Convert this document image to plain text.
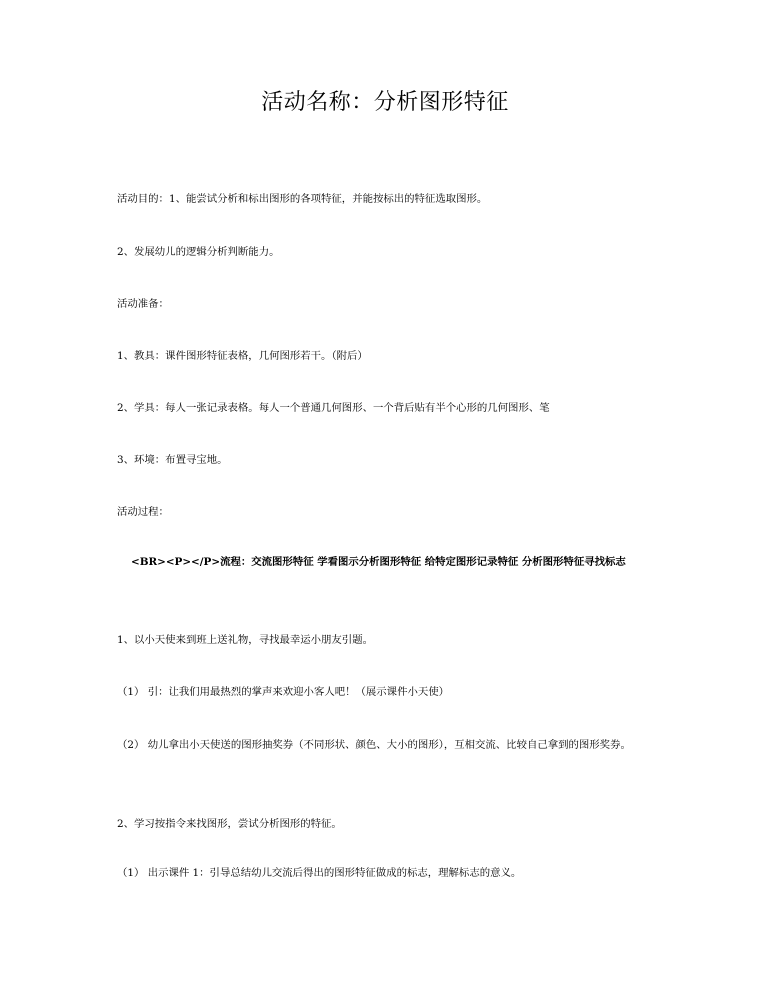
活动名称：分析图形特征
活动目的：1、能尝试分析和标出图形的各项特征，并能按标出的特征选取图形。
2、发展幼儿的逻辑分析判断能力。
活动准备：
1、教具：课件图形特征表格，几何图形若干。（附后）
2、学具：每人一张记录表格。每人一个普通几何图形、一个背后贴有半个心形的几何图形、笔
3、环境：布置寻宝地。
活动过程：
<BR><P></P>流程：交流图形特征 学看图示分析图形特征 给特定图形记录特征 分析图形特征寻找标志
1、以小天使来到班上送礼物，寻找最幸运小朋友引题。
（1） 引：让我们用最热烈的掌声来欢迎小客人吧！（展示课件小天使）
（2） 幼儿拿出小天使送的图形抽奖券（不同形状、颜色、大小的图形），互相交流、比较自己拿到的图形奖券。
2、学习按指令来找图形，尝试分析图形的特征。
（1） 出示课件 1：引导总结幼儿交流后得出的图形特征做成的标志，理解标志的意义。
